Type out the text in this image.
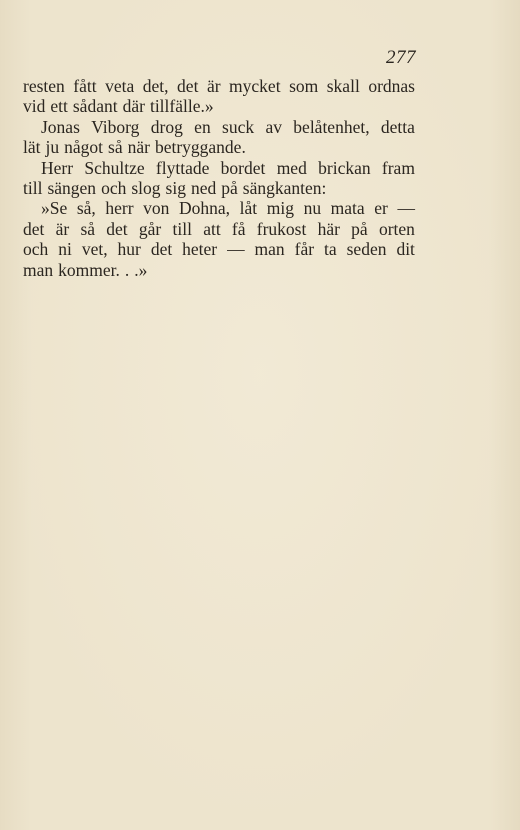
277
resten fått veta det, det är mycket som skall ordnas
vid ett sådant där tillfälle.»
Jonas Viborg drog en suck av belåtenhet, detta
lät ju något så när betryggande.
Herr Schultze flyttade bordet med brickan fram
till sängen och slog sig ned på sängkanten:
»Se så, herr von Dohna, låt mig nu mata er —
det är så det går till att få frukost här på orten
och ni vet, hur det heter — man får ta seden dit
man kommer. . .»
